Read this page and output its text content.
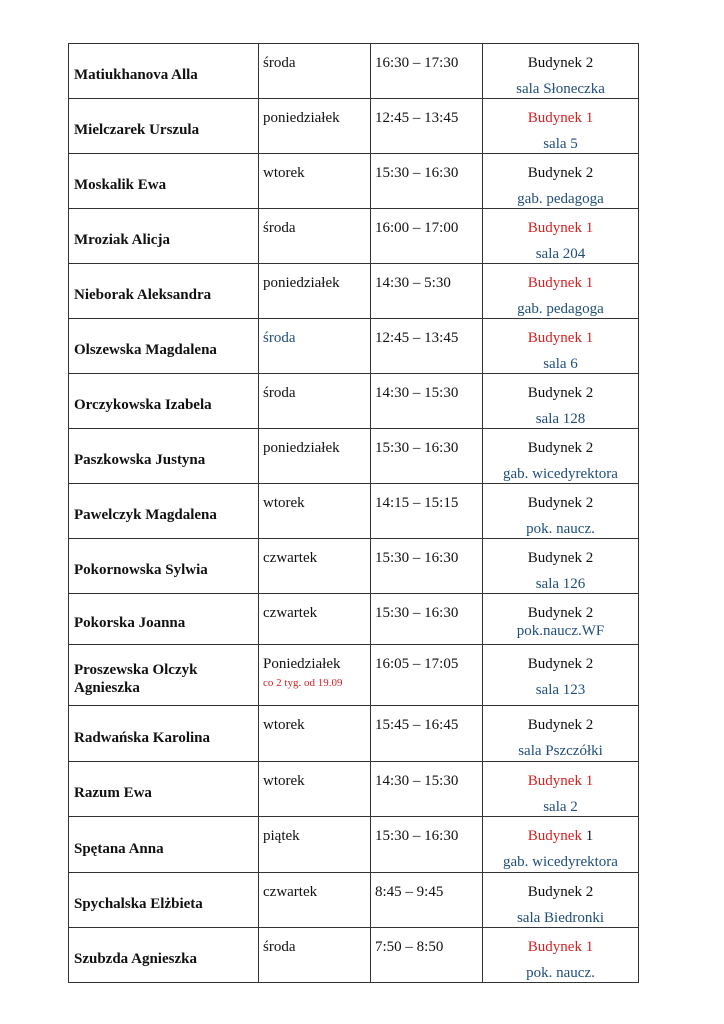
Matiukhanova Alla	środa	16:30 – 17:30	Budynek 2
sala Słoneczka

Mielczarek Urszula	poniedziałek	12:45 – 13:45	Budynek 1
sala 5

Moskalik Ewa	wtorek	15:30 – 16:30	Budynek 2
gab. pedagoga

Mroziak Alicja	środa	16:00 – 17:00	Budynek 1
sala 204

Nieborak Aleksandra	poniedziałek	14:30 – 5:30	Budynek 1
gab. pedagoga

Olszewska Magdalena	środa	12:45 – 13:45	Budynek 1
sala 6

Orczykowska Izabela	środa	14:30 – 15:30	Budynek 2
sala 128

Paszkowska Justyna	poniedziałek	15:30 – 16:30	Budynek 2
gab. wicedyrektora

Pawelczyk Magdalena	wtorek	14:15 – 15:15	Budynek 2
pok. naucz.

Pokornowska Sylwia	czwartek	15:30 – 16:30	Budynek 2
sala 126

Pokorska Joanna	czwartek	15:30 – 16:30	Budynek 2
pok.naucz.WF

Proszewska Olczyk Agnieszka	Poniedziałek
co 2 tyg. od 19.09	16:05 – 17:05	Budynek 2
sala 123

Radwańska Karolina	wtorek	15:45 – 16:45	Budynek 2
sala Pszczółki

Razum Ewa	wtorek	14:30 – 15:30	Budynek 1
sala 2

Spętana Anna	piątek	15:30 – 16:30	Budynek 1
gab. wicedyrektora

Spychalska Elżbieta	czwartek	8:45 – 9:45	Budynek 2
sala Biedronki

Szubzda Agnieszka	środa	7:50 – 8:50	Budynek 1
pok. naucz.
